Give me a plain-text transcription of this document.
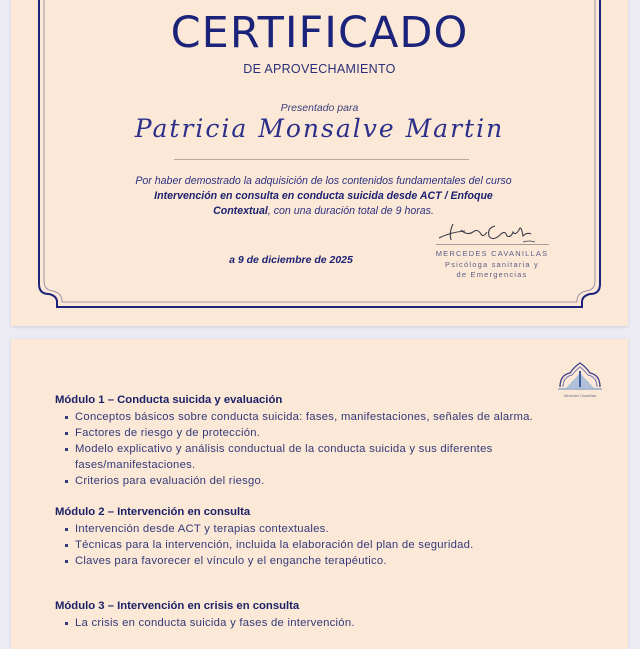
CERTIFICADO
DE APROVECHAMIENTO
Presentado para
Patricia Monsalve Martin
Por haber demostrado la adquisición de los contenidos fundamentales del curso Intervención en consulta en conducta suicida desde ACT / Enfoque Contextual, con una duración total de 9 horas.
a 9 de diciembre de 2025
MERCEDES CAVANILLAS
Psicóloga sanitaria y
de Emergencias
Mercedes Cavanillas
Módulo 1 – Conducta suicida y evaluación
Conceptos básicos sobre conducta suicida: fases, manifestaciones, señales de alarma.
Factores de riesgo y de protección.
Modelo explicativo y análisis conductual de la conducta suicida y sus diferentes fases/manifestaciones.
Criterios para evaluación del riesgo.
Módulo 2 – Intervención en consulta
Intervención desde ACT y terapias contextuales.
Técnicas para la intervención, incluida la elaboración del plan de seguridad.
Claves para favorecer el vínculo y el enganche terapéutico.
Módulo 3 – Intervención en crisis en consulta
La crisis en conducta suicida y fases de intervención.
